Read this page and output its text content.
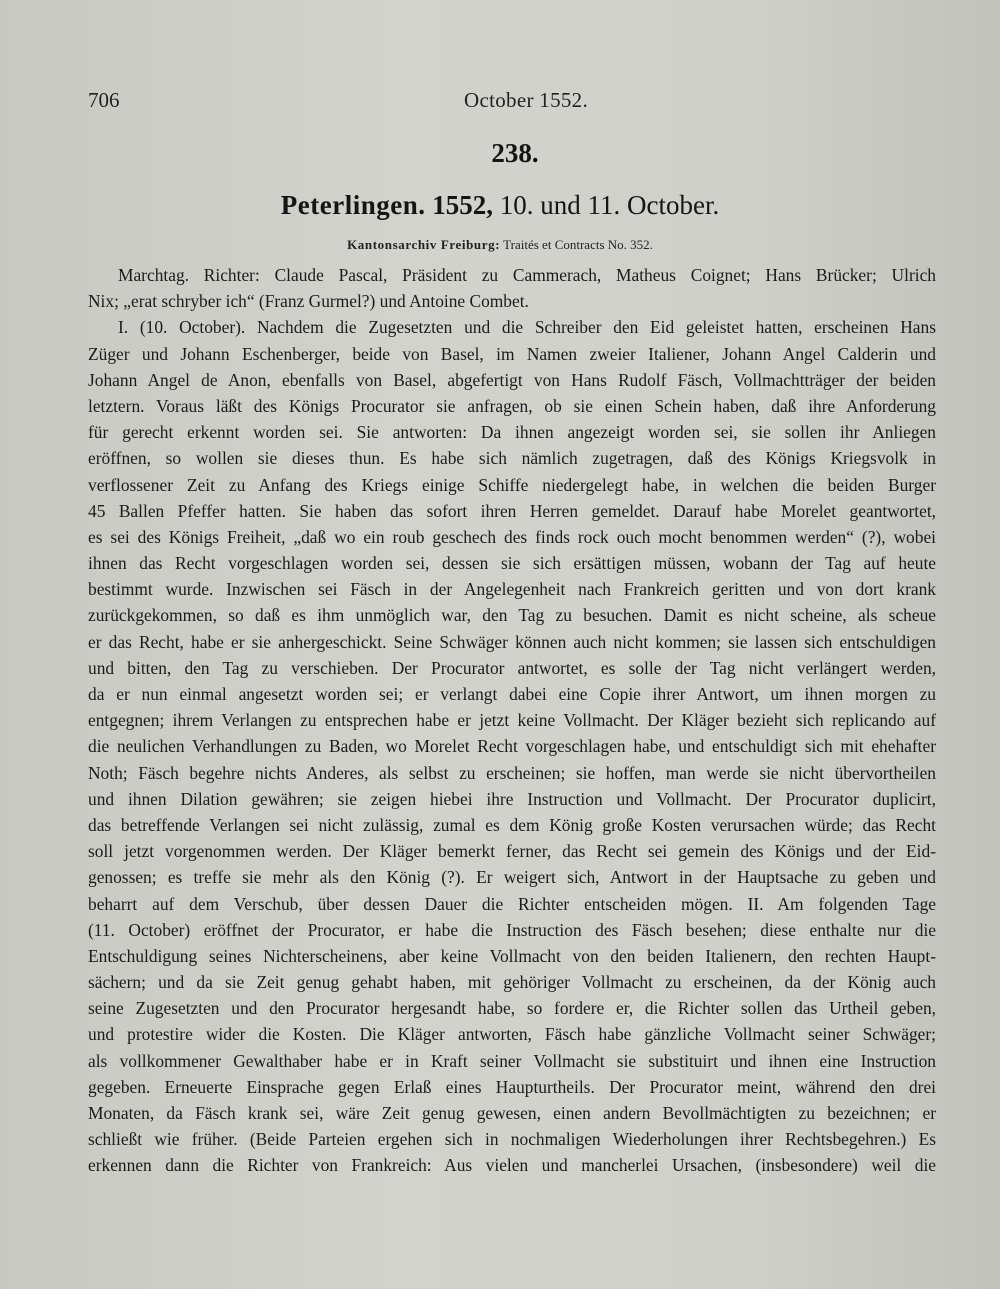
706	October 1552.
238.
Peterlingen. 1552, 10. und 11. October.
Kantonsarchiv Freiburg: Traités et Contracts No. 352.
Marchtag. Richter: Claude Pascal, Präsident zu Cammerach, Matheus Coignet; Hans Brücker; Ulrich
Nix; „erat schryber ich“ (Franz Gurmel?) und Antoine Combet.
I. (10. October). Nachdem die Zugesetzten und die Schreiber den Eid geleistet hatten, erscheinen Hans
Züger und Johann Eschenberger, beide von Basel, im Namen zweier Italiener, Johann Angel Calderin und
Johann Angel de Anon, ebenfalls von Basel, abgefertigt von Hans Rudolf Fäsch, Vollmachtträger der beiden
letztern. Voraus läßt des Königs Procurator sie anfragen, ob sie einen Schein haben, daß ihre Anforderung
für gerecht erkennt worden sei. Sie antworten: Da ihnen angezeigt worden sei, sie sollen ihr Anliegen
eröffnen, so wollen sie dieses thun. Es habe sich nämlich zugetragen, daß des Königs Kriegsvolk in
verflossener Zeit zu Anfang des Kriegs einige Schiffe niedergelegt habe, in welchen die beiden Burger
45 Ballen Pfeffer hatten. Sie haben das sofort ihren Herren gemeldet. Darauf habe Morelet geantwortet,
es sei des Königs Freiheit, „daß wo ein roub geschech des finds rock ouch mocht benommen werden“ (?), wobei
ihnen das Recht vorgeschlagen worden sei, dessen sie sich ersättigen müssen, wobann der Tag auf heute
bestimmt wurde. Inzwischen sei Fäsch in der Angelegenheit nach Frankreich geritten und von dort krank
zurückgekommen, so daß es ihm unmöglich war, den Tag zu besuchen. Damit es nicht scheine, als scheue
er das Recht, habe er sie anhergeschickt. Seine Schwäger können auch nicht kommen; sie lassen sich entschuldigen
und bitten, den Tag zu verschieben. Der Procurator antwortet, es solle der Tag nicht verlängert werden,
da er nun einmal angesetzt worden sei; er verlangt dabei eine Copie ihrer Antwort, um ihnen morgen zu
entgegnen; ihrem Verlangen zu entsprechen habe er jetzt keine Vollmacht. Der Kläger bezieht sich replicando auf
die neulichen Verhandlungen zu Baden, wo Morelet Recht vorgeschlagen habe, und entschuldigt sich mit ehehafter
Noth; Fäsch begehre nichts Anderes, als selbst zu erscheinen; sie hoffen, man werde sie nicht übervortheilen
und ihnen Dilation gewähren; sie zeigen hiebei ihre Instruction und Vollmacht. Der Procurator duplicirt,
das betreffende Verlangen sei nicht zulässig, zumal es dem König große Kosten verursachen würde; das Recht
soll jetzt vorgenommen werden. Der Kläger bemerkt ferner, das Recht sei gemein des Königs und der Eid-
genossen; es treffe sie mehr als den König (?). Er weigert sich, Antwort in der Hauptsache zu geben und
beharrt auf dem Verschub, über dessen Dauer die Richter entscheiden mögen. II. Am folgenden Tage
(11. October) eröffnet der Procurator, er habe die Instruction des Fäsch besehen; diese enthalte nur die
Entschuldigung seines Nichterscheinens, aber keine Vollmacht von den beiden Italienern, den rechten Haupt-
sächern; und da sie Zeit genug gehabt haben, mit gehöriger Vollmacht zu erscheinen, da der König auch
seine Zugesetzten und den Procurator hergesandt habe, so fordere er, die Richter sollen das Urtheil geben,
und protestire wider die Kosten. Die Kläger antworten, Fäsch habe gänzliche Vollmacht seiner Schwäger;
als vollkommener Gewalthaber habe er in Kraft seiner Vollmacht sie substituirt und ihnen eine Instruction
gegeben. Erneuerte Einsprache gegen Erlaß eines Haupturtheils. Der Procurator meint, während den drei
Monaten, da Fäsch krank sei, wäre Zeit genug gewesen, einen andern Bevollmächtigten zu bezeichnen; er
schließt wie früher. (Beide Parteien ergehen sich in nochmaligen Wiederholungen ihrer Rechtsbegehren.) Es
erkennen dann die Richter von Frankreich: Aus vielen und mancherlei Ursachen, (insbesondere) weil die
